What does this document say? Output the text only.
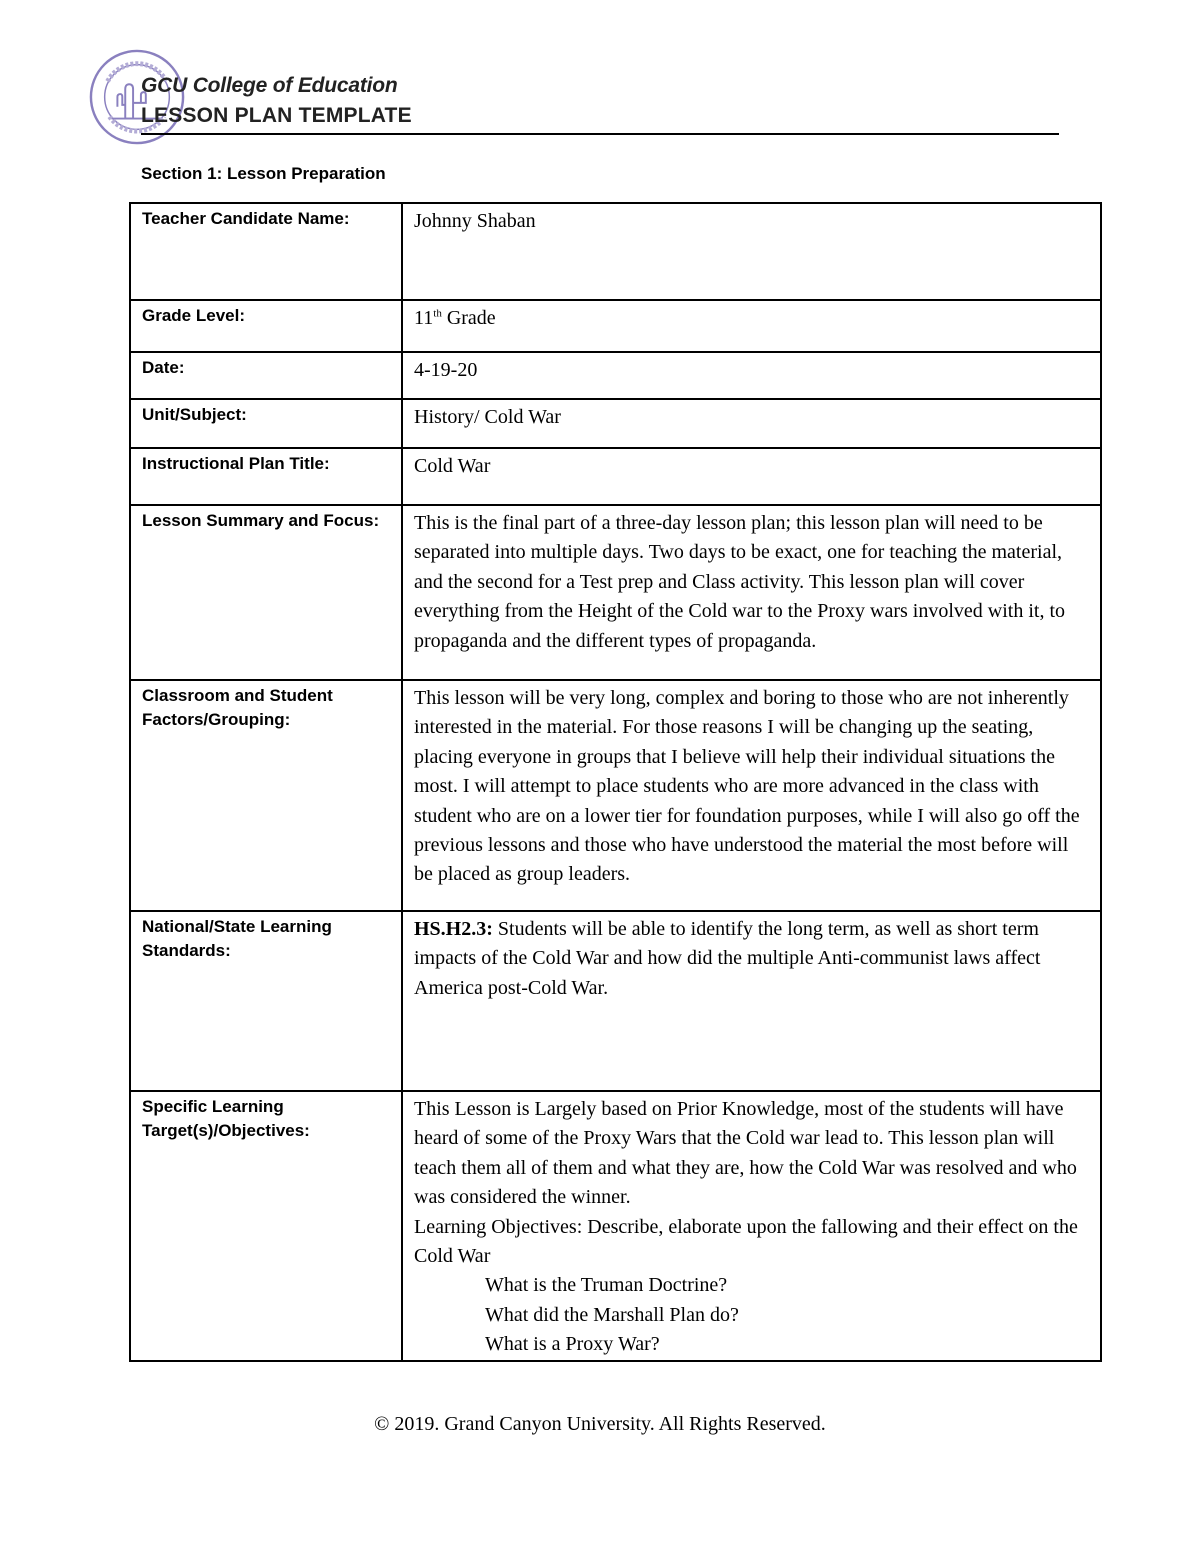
GCU College of Education
LESSON PLAN TEMPLATE
Section 1: Lesson Preparation
Teacher Candidate Name:	Johnny Shaban
Grade Level:	11th Grade
Date:	4-19-20
Unit/Subject:	History/ Cold War
Instructional Plan Title:	Cold War
Lesson Summary and Focus:	This is the final part of a three-day lesson plan; this lesson plan will need to be separated into multiple days. Two days to be exact, one for teaching the material, and the second for a Test prep and Class activity. This lesson plan will cover everything from the Height of the Cold war to the Proxy wars involved with it, to propaganda and the different types of propaganda.
Classroom and Student Factors/Grouping:	This lesson will be very long, complex and boring to those who are not inherently interested in the material. For those reasons I will be changing up the seating, placing everyone in groups that I believe will help their individual situations the most. I will attempt to place students who are more advanced in the class with student who are on a lower tier for foundation purposes, while I will also go off the previous lessons and those who have understood the material the most before will be placed as group leaders.
National/State Learning Standards:	HS.H2.3: Students will be able to identify the long term, as well as short term impacts of the Cold War and how did the multiple Anti-communist laws affect America post-Cold War.
Specific Learning Target(s)/Objectives:	This Lesson is Largely based on Prior Knowledge, most of the students will have heard of some of the Proxy Wars that the Cold war lead to. This lesson plan will teach them all of them and what they are, how the Cold War was resolved and who was considered the winner.
Learning Objectives: Describe, elaborate upon the fallowing and their effect on the Cold War
What is the Truman Doctrine?
What did the Marshall Plan do?
What is a Proxy War?
© 2019. Grand Canyon University. All Rights Reserved.
